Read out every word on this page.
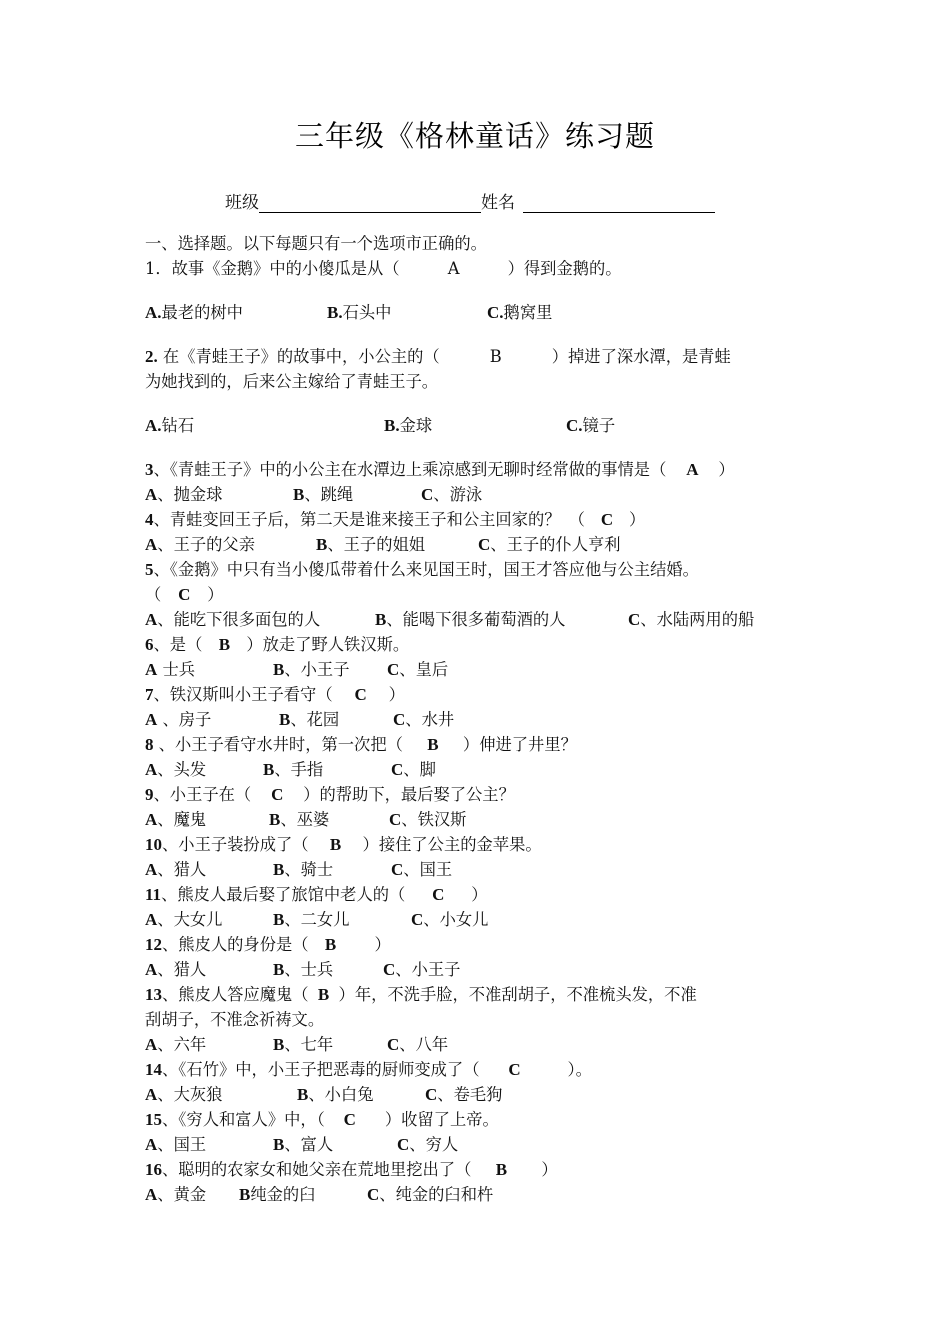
三年级《格林童话》练习题
班级	姓名
一、选择题。以下每题只有一个选项市正确的。
1．故事《金鹅》中的小傻瓜是从（	A	）得到金鹅的。
A.最老的树中	B.石头中	C.鹅窝里
2. 在《青蛙王子》的故事中，小公主的（	B	）掉进了深水潭，是青蛙
为她找到的，后来公主嫁给了青蛙王子。
A.钻石	B.金球	C.镜子
3、《青蛙王子》中的小公主在水潭边上乘凉感到无聊时经常做的事情是（ A ）
A、抛金球	B、跳绳	C、游泳
4、青蛙变回王子后，第二天是谁来接王子和公主回家的？　（ C ）
A、王子的父亲	B、王子的姐姐	C、王子的仆人亨利
5、《金鹅》中只有当小傻瓜带着什么来见国王时，国王才答应他与公主结婚。
（ C ）
A、能吃下很多面包的人	B、能喝下很多葡萄酒的人	C、水陆两用的船
6、是（ B ）放走了野人铁汉斯。
A 士兵	B、小王子 C、皇后
7、铁汉斯叫小王子看守（ C ）
A 、房子	B、花园	C、水井
8 、小王子看守水井时，第一次把（ B ）伸进了井里？
A、头发	B、手指	C、脚
9、小王子在（ C ）的帮助下，最后娶了公主？
A、魔鬼	B、巫婆	C、铁汉斯
10、小王子装扮成了（ B ）接住了公主的金苹果。
A、猎人	B、骑士	C、国王
11、熊皮人最后娶了旅馆中老人的（ C ）
A、大女儿	B、二女儿	C、小女儿
12、熊皮人的身份是（ B ）
A、猎人	B、士兵	C、小王子
13、熊皮人答应魔鬼（ B ）年，不洗手脸，不准刮胡子，不准梳头发，不准
刮胡子，不准念祈祷文。
A、六年	B、七年	C、八年
14、《石竹》中，小王子把恶毒的厨师变成了（ C	）。
A、大灰狼	B、小白兔	C、卷毛狗
15、《穷人和富人》中，（ C ）收留了上帝。
A、国王	B、富人	C、穷人
16、聪明的农家女和她父亲在荒地里挖出了（ B ）
A、黄金 B纯金的臼	C、纯金的臼和杵
